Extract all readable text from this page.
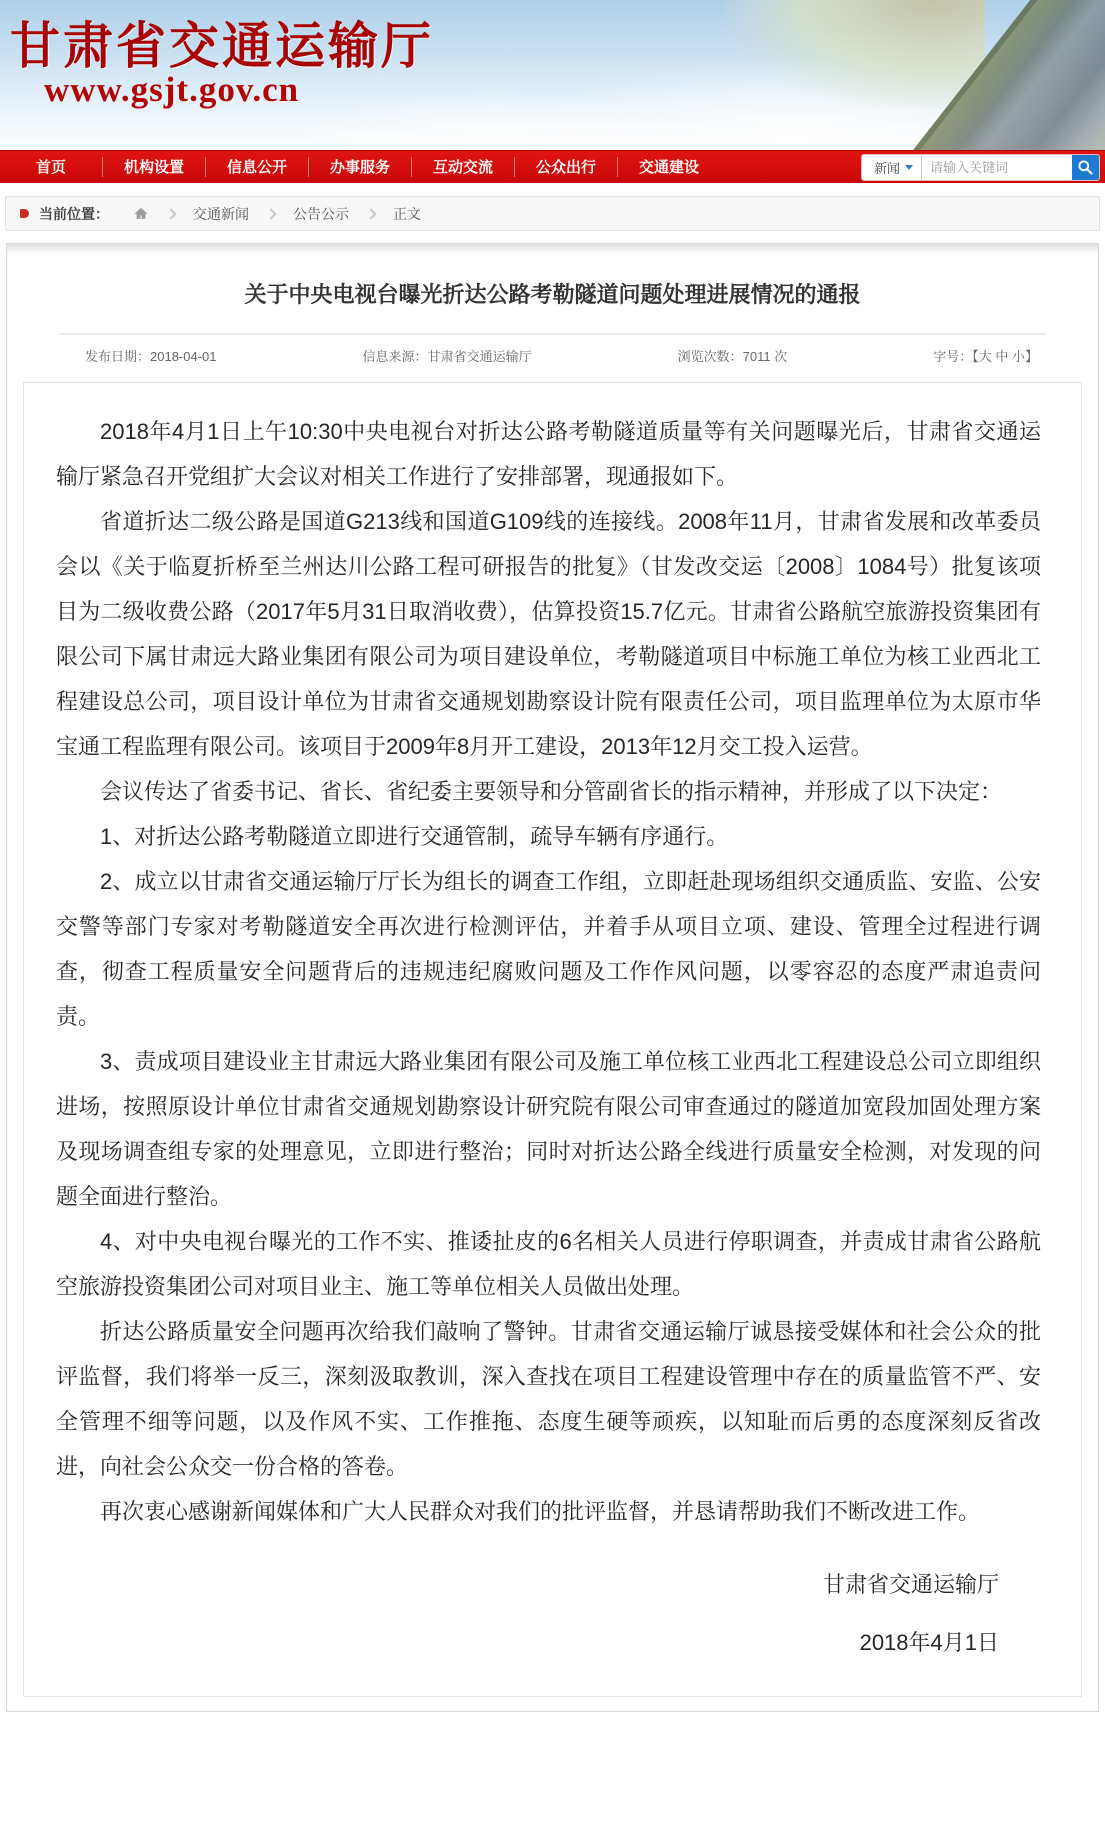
甘肃省交通运输厅
www.gsjt.gov.cn
首页	机构设置	信息公开	办事服务	互动交流	公众出行	交通建设	新闻
请输入关键词
当前位置：	交通新闻	公告公示	正文
关于中央电视台曝光折达公路考勒隧道问题处理进展情况的通报
发布日期：2018-04-01	信息来源：甘肃省交通运输厅	浏览次数：7011 次	字号：【大 中 小】

2018年4月1日上午10:30中央电视台对折达公路考勒隧道质量等有关问题曝光后，甘肃省交通运输厅紧急召开党组扩大会议对相关工作进行了安排部署，现通报如下。

省道折达二级公路是国道G213线和国道G109线的连接线。2008年11月，甘肃省发展和改革委员会以《关于临夏折桥至兰州达川公路工程可研报告的批复》（甘发改交运〔2008〕1084号）批复该项目为二级收费公路（2017年5月31日取消收费），估算投资15.7亿元。甘肃省公路航空旅游投资集团有限公司下属甘肃远大路业集团有限公司为项目建设单位，考勒隧道项目中标施工单位为核工业西北工程建设总公司，项目设计单位为甘肃省交通规划勘察设计院有限责任公司，项目监理单位为太原市华宝通工程监理有限公司。该项目于2009年8月开工建设，2013年12月交工投入运营。

会议传达了省委书记、省长、省纪委主要领导和分管副省长的指示精神，并形成了以下决定：

1、对折达公路考勒隧道立即进行交通管制，疏导车辆有序通行。

2、成立以甘肃省交通运输厅厅长为组长的调查工作组，立即赶赴现场组织交通质监、安监、公安交警等部门专家对考勒隧道安全再次进行检测评估，并着手从项目立项、建设、管理全过程进行调查，彻查工程质量安全问题背后的违规违纪腐败问题及工作作风问题，以零容忍的态度严肃追责问责。

3、责成项目建设业主甘肃远大路业集团有限公司及施工单位核工业西北工程建设总公司立即组织进场，按照原设计单位甘肃省交通规划勘察设计研究院有限公司审查通过的隧道加宽段加固处理方案及现场调查组专家的处理意见，立即进行整治；同时对折达公路全线进行质量安全检测，对发现的问题全面进行整治。

4、对中央电视台曝光的工作不实、推诿扯皮的6名相关人员进行停职调查，并责成甘肃省公路航空旅游投资集团公司对项目业主、施工等单位相关人员做出处理。

折达公路质量安全问题再次给我们敲响了警钟。甘肃省交通运输厅诚恳接受媒体和社会公众的批评监督，我们将举一反三，深刻汲取教训，深入查找在项目工程建设管理中存在的质量监管不严、安全管理不细等问题，以及作风不实、工作推拖、态度生硬等顽疾，以知耻而后勇的态度深刻反省改进，向社会公众交一份合格的答卷。

再次衷心感谢新闻媒体和广大人民群众对我们的批评监督，并恳请帮助我们不断改进工作。

甘肃省交通运输厅
2018年4月1日
